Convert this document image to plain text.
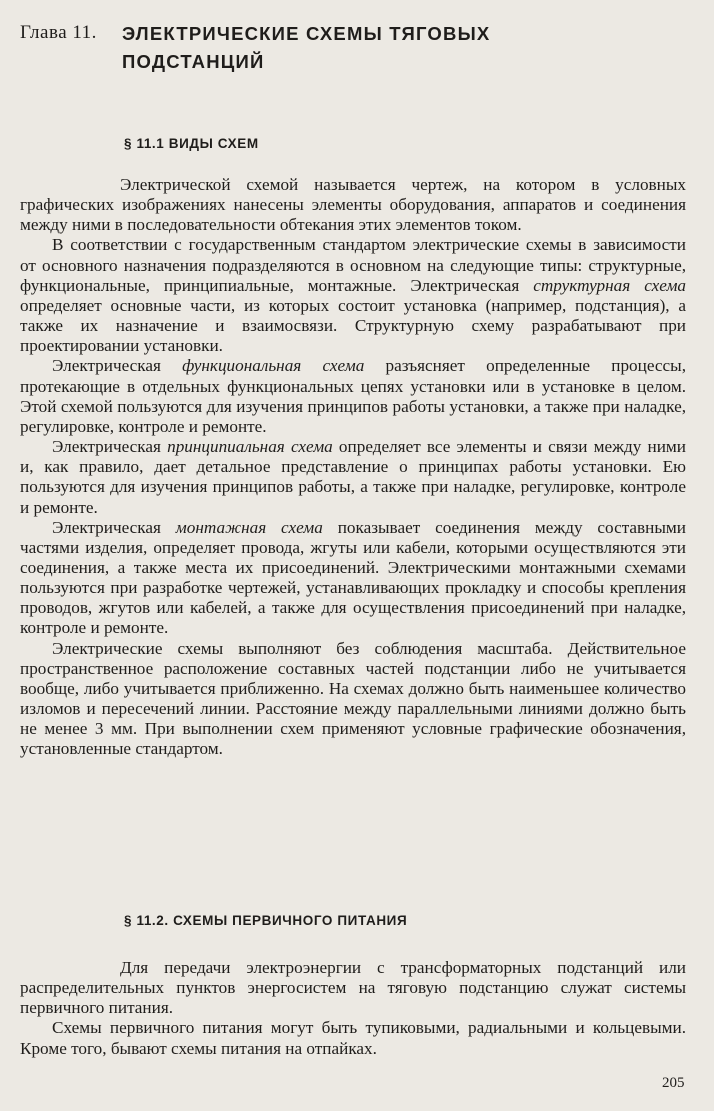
Глава 11. ЭЛЕКТРИЧЕСКИЕ СХЕМЫ ТЯГОВЫХ
ПОДСТАНЦИЙ
§ 11.1 ВИДЫ СХЕМ

Электрической схемой называется чертеж, на котором в условных графических изображениях нанесены элементы оборудования, аппаратов и соединения между ними в последовательности обтекания этих элементов током.

В соответствии с государственным стандартом электрические схемы в зависимости от основного назначения подразделяются в основном на следующие типы: структурные, функциональные, принципиальные, монтажные. Электрическая структурная схема определяет основные части, из которых состоит установка (например, подстанция), а также их назначение и взаимосвязи. Структурную схему разрабатывают при проектировании установки.

Электрическая функциональная схема разъясняет определенные процессы, протекающие в отдельных функциональных цепях установки или в установке в целом. Этой схемой пользуются для изучения принципов работы установки, а также при наладке, регулировке, контроле и ремонте.

Электрическая принципиальная схема определяет все элементы и связи между ними и, как правило, дает детальное представление о принципах работы установки. Ею пользуются для изучения принципов работы, а также при наладке, регулировке, контроле и ремонте.

Электрическая монтажная схема показывает соединения между составными частями изделия, определяет провода, жгуты или кабели, которыми осуществляются эти соединения, а также места их присоединений. Электрическими монтажными схемами пользуются при разработке чертежей, устанавливающих прокладку и способы крепления проводов, жгутов или кабелей, а также для осуществления присоединений при наладке, контроле и ремонте.

Электрические схемы выполняют без соблюдения масштаба. Действительное пространственное расположение составных частей подстанции либо не учитывается вообще, либо учитывается приближенно. На схемах должно быть наименьшее количество изломов и пересечений линии. Расстояние между параллельными линиями должно быть не менее 3 мм. При выполнении схем применяют условные графические обозначения, установленные стандартом.

§ 11.2. СХЕМЫ ПЕРВИЧНОГО ПИТАНИЯ

Для передачи электроэнергии с трансформаторных подстанций или распределительных пунктов энергосистем на тяговую подстанцию служат системы первичного питания.

Схемы первичного питания могут быть тупиковыми, радиальными и кольцевыми. Кроме того, бывают схемы питания на отпайках.

205
